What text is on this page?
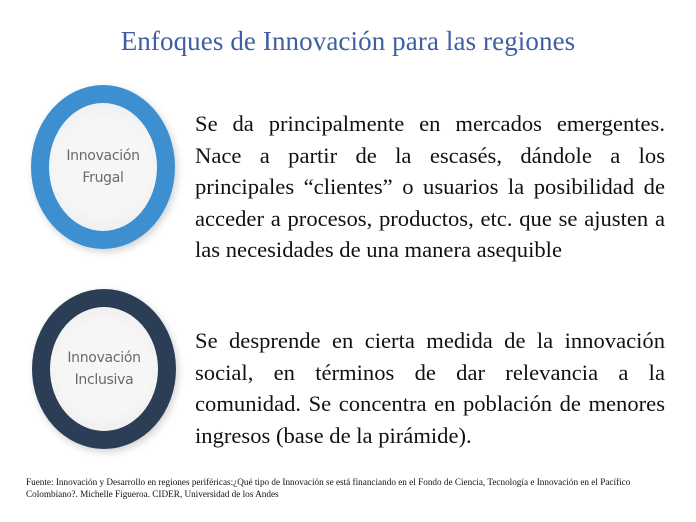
Enfoques de Innovación para las regiones
Innovación Frugal
Se da principalmente en mercados emergentes. Nace a partir de la escasés, dándole a los principales “clientes” o usuarios la posibilidad de acceder a procesos, productos, etc. que se ajusten a las necesidades de una manera asequible
Innovación Inclusiva
Se desprende en cierta medida de la innovación social, en términos de dar relevancia a la comunidad. Se concentra en población de menores ingresos (base de la pirámide).
Fuente: Innovación y Desarrollo en regiones periféricas:¿Qué tipo de Innovación se está financiando en el Fondo de Ciencia, Tecnología e Innovación en el Pacífico Colombiano?. Michelle Figueroa. CIDER, Universidad de los Andes
